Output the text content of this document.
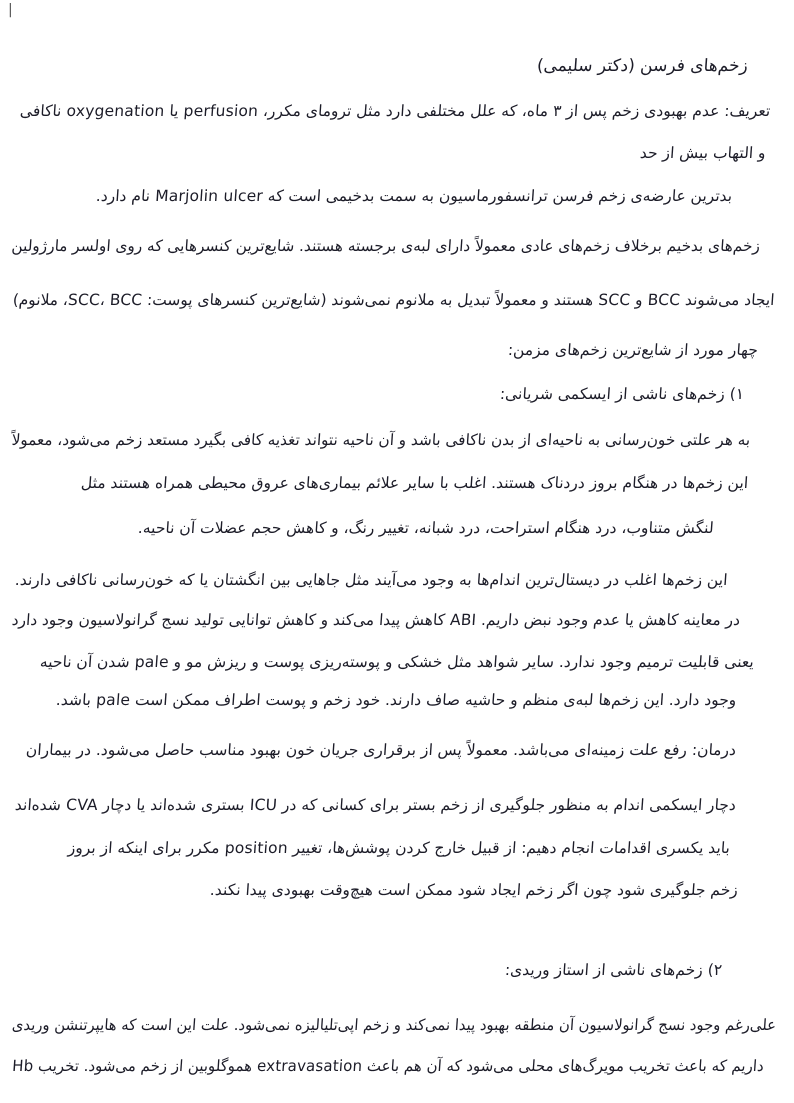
|
زخم‌های فرسن (دکتر سلیمی)
تعریف: عدم بهبودی زخم پس از ۳ ماه، که علل مختلفی دارد مثل ترومای مکرر، perfusion یا oxygenation ناکافی
و التهاب بیش از حد
بدترین عارضه‌ی زخم فرسن ترانسفورماسیون به سمت بدخیمی است که Marjolin ulcer نام دارد.
زخم‌های بدخیم برخلاف زخم‌های عادی معمولاً دارای لبه‌ی برجسته هستند. شایع‌ترین کنسرهایی که روی اولسر مارژولین
ایجاد می‌شوند BCC و SCC هستند و معمولاً تبدیل به ملانوم نمی‌شوند (شایع‌ترین کنسرهای پوست: SCC، BCC، ملانوم)
چهار مورد از شایع‌ترین زخم‌های مزمن:
۱) زخم‌های ناشی از ایسکمی شریانی:
به هر علتی خون‌رسانی به ناحیه‌ای از بدن ناکافی باشد و آن ناحیه نتواند تغذیه کافی بگیرد مستعد زخم می‌شود، معمولاً
این زخم‌ها در هنگام بروز دردناک هستند. اغلب با سایر علائم بیماری‌های عروق محیطی همراه هستند مثل
لنگش متناوب، درد هنگام استراحت، درد شبانه، تغییر رنگ، و کاهش حجم عضلات آن ناحیه.
این زخم‌ها اغلب در دیستال‌ترین اندام‌ها به وجود می‌آیند مثل جاهایی بین انگشتان یا که خون‌رسانی ناکافی دارند.
در معاینه کاهش یا عدم وجود نبض داریم. ABI کاهش پیدا می‌کند و کاهش توانایی تولید نسج گرانولاسیون وجود دارد
یعنی قابلیت ترمیم وجود ندارد. سایر شواهد مثل خشکی و پوسته‌ریزی پوست و ریزش مو و pale شدن آن ناحیه
وجود دارد. این زخم‌ها لبه‌ی منظم و حاشیه صاف دارند. خود زخم و پوست اطراف ممکن است pale باشد.
درمان: رفع علت زمینه‌ای می‌باشد. معمولاً پس از برقراری جریان خون بهبود مناسب حاصل می‌شود. در بیماران
دچار ایسکمی اندام به منظور جلوگیری از زخم بستر برای کسانی که در ICU بستری شده‌اند یا دچار CVA شده‌اند
باید یکسری اقدامات انجام دهیم: از قبیل خارج کردن پوشش‌ها، تغییر position مکرر برای اینکه از بروز
زخم جلوگیری شود چون اگر زخم ایجاد شود ممکن است هیچ‌وقت بهبودی پیدا نکند.
۲) زخم‌های ناشی از استاز وریدی:
علی‌رغم وجود نسج گرانولاسیون آن منطقه بهبود پیدا نمی‌کند و زخم اپی‌تلیالیزه نمی‌شود. علت این است که هایپرتنشن وریدی
داریم که باعث تخریب مویرگ‌های محلی می‌شود که آن هم باعث extravasation هموگلوبین از زخم می‌شود. تخریب Hb
